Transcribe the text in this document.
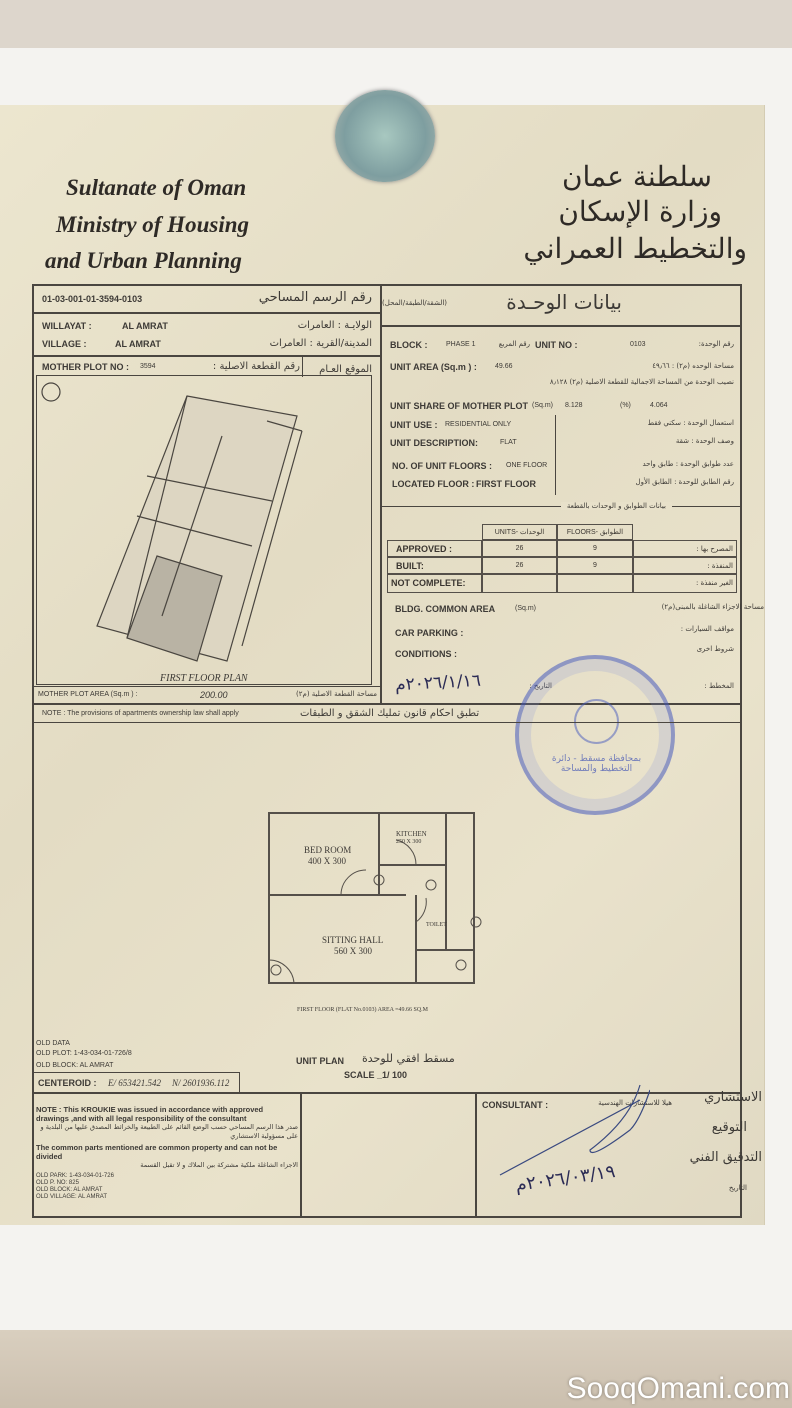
Sultanate of Oman
Ministry of Housing
and Urban Planning
سلطنة عمان
وزارة الإسكان
والتخطيط العمراني
01-03-001-01-3594-0103	رقم الرسم المساحي
WILLAYAT :	AL AMRAT	الولايـة : العامرات
VILLAGE :	AL AMRAT	المدينة/القرية : العامرات
MOTHER PLOT NO : 3594	رقم القطعة الاصلية : الموقع العـام
FIRST FLOOR PLAN
MOTHER PLOT AREA (Sq.m ) :	200.00	مساحة القطعة الاصلية (م٢)
بيانات الوحـدة
(الشقة/الطبقة/المحل)
BLOCK :	PHASE 1	رقم المربع UNIT NO :	0103	رقم الوحدة:
UNIT AREA (Sq.m ) :	49.66	مساحة الوحده (م٢) : ٤٩٫٦٦
نصيب الوحدة من المساحة الاجمالية للقطعة الاصلية (م٢) ٨٫١٢٨
UNIT SHARE OF MOTHER PLOT (Sq.m) 8.128	(%)	4.064
UNIT USE : RESIDENTIAL ONLY	استعمال الوحدة : سكني فقط
UNIT DESCRIPTION:	FLAT	وصف الوحدة : شقة
NO. OF UNIT FLOORS : ONE FLOOR	عدد طوابق الوحدة : طابق واحد
LOCATED FLOOR : FIRST FLOOR	رقم الطابق للوحدة : الطابق الأول
بيانات الطوابق و الوحدات بالقطعة
UNITS- الوحدات	FLOORS- الطوابق
APPROVED :	26	9	المصرح بها :
BUILT:	26	9	المنفذة :
NOT COMPLETE:	الغير منفذة :
BLDG. COMMON AREA	(Sq.m)	مساحة الاجزاء الشاغلة بالمبنى(م٢)
CAR PARKING :	مواقف السيارات :
CONDITIONS :	شروط اخرى
المخطط :
التاريخ :
٢٠٢٦/١/١٦م
بمحافظة مسقط - دائرة التخطيط والمساحة
NOTE : The provisions of apartments ownership law shall apply	تطبق احكام قانون تمليك الشقق و الطبقات
BED ROOM
400 X 300
KITCHEN
250 X 300
SITTING HALL
560 X 300
TOILET
FIRST FLOOR (FLAT No.0103) AREA =49.66 SQ.M
OLD DATA
OLD PLOT: 1-43-034-01-726/8
OLD BLOCK: AL AMRAT	UNIT PLAN مسقط افقي للوحدة
SCALE _1/ 100
CENTEROID : E/ 653421.542 N/ 2601936.112
NOTE : This KROUKIE was issued in accordance with approved drawings ,and with all legal responsibility of the consultant
صدر هذا الرسم المساحي حسب الوضع القائم على الطبيعة والخرائط المصدق عليها من البلدية و على مسؤولية الاستشاري
The common parts mentioned are common property and can not be divided
الاجزاء الشاغلة ملكية مشتركة بين الملاك و لا تقبل القسمة
OLD PARK: 1-43-034-01-726
OLD P. NO: 825
OLD BLOCK: AL AMRAT
OLD VILLAGE: AL AMRAT
CONSULTANT :	هيلا للاستشارات الهندسية الاستشاري
التوقيع
التدقيق الفني
التاريخ
٢٠٢٦/٠٣/١٩م
SooqOmani.com
